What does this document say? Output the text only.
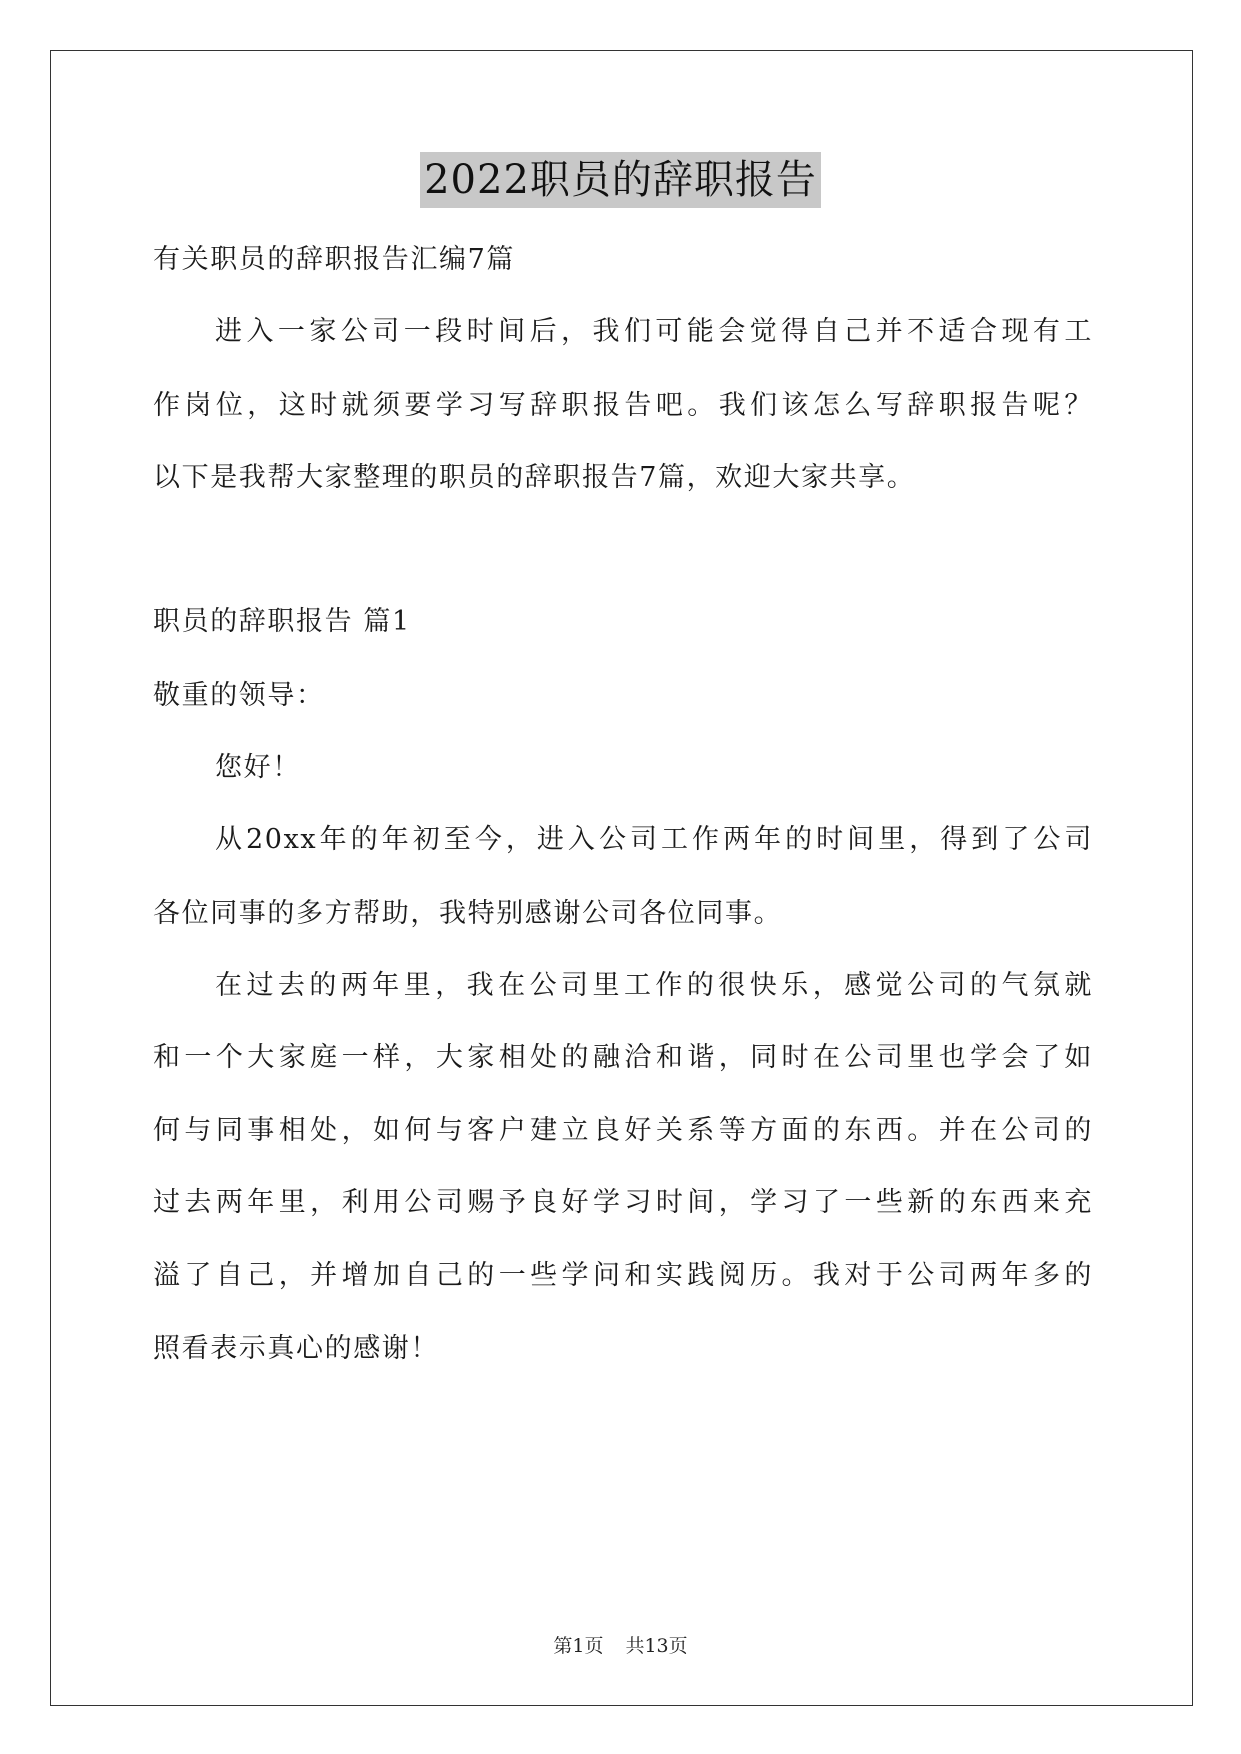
2022职员的辞职报告
有关职员的辞职报告汇编7篇
进入一家公司一段时间后，我们可能会觉得自己并不适合现有工
作岗位，这时就须要学习写辞职报告吧。我们该怎么写辞职报告呢？
以下是我帮大家整理的职员的辞职报告7篇，欢迎大家共享。
职员的辞职报告 篇1
敬重的领导：
您好！
从20xx年的年初至今，进入公司工作两年的时间里，得到了公司
各位同事的多方帮助，我特别感谢公司各位同事。
在过去的两年里，我在公司里工作的很快乐，感觉公司的气氛就
和一个大家庭一样，大家相处的融洽和谐，同时在公司里也学会了如
何与同事相处，如何与客户建立良好关系等方面的东西。并在公司的
过去两年里，利用公司赐予良好学习时间，学习了一些新的东西来充
溢了自己，并增加自己的一些学问和实践阅历。我对于公司两年多的
照看表示真心的感谢！
第1页 共13页
